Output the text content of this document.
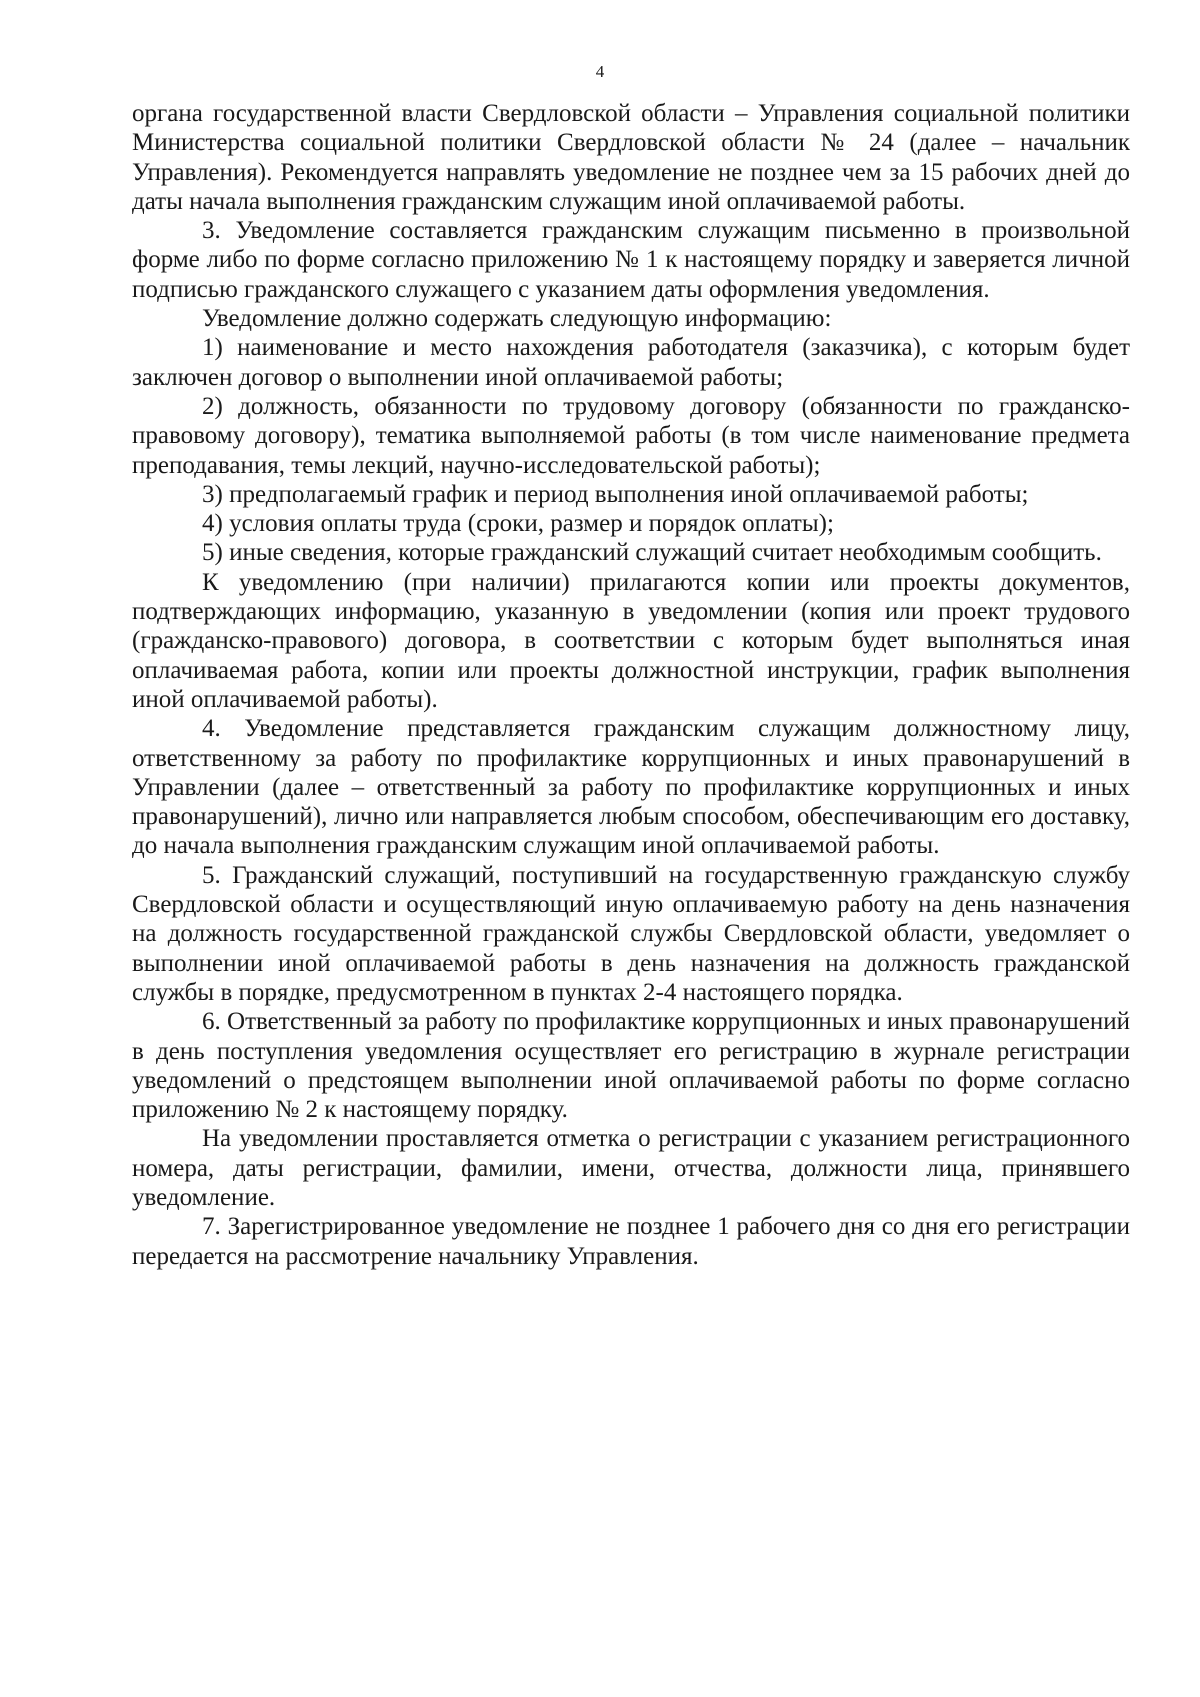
4

органа государственной власти Свердловской области – Управления социальной политики Министерства социальной политики Свердловской области № 24 (далее – начальник Управления). Рекомендуется направлять уведомление не позднее чем за 15 рабочих дней до даты начала выполнения гражданским служащим иной оплачиваемой работы.

3. Уведомление составляется гражданским служащим письменно в произвольной форме либо по форме согласно приложению № 1 к настоящему порядку и заверяется личной подписью гражданского служащего с указанием даты оформления уведомления.

Уведомление должно содержать следующую информацию:

1) наименование и место нахождения работодателя (заказчика), с которым будет заключен договор о выполнении иной оплачиваемой работы;

2) должность, обязанности по трудовому договору (обязанности по гражданско-правовому договору), тематика выполняемой работы (в том числе наименование предмета преподавания, темы лекций, научно-исследовательской работы);

3) предполагаемый график и период выполнения иной оплачиваемой работы;

4) условия оплаты труда (сроки, размер и порядок оплаты);

5) иные сведения, которые гражданский служащий считает необходимым сообщить.

К уведомлению (при наличии) прилагаются копии или проекты документов, подтверждающих информацию, указанную в уведомлении (копия или проект трудового (гражданско-правового) договора, в соответствии с которым будет выполняться иная оплачиваемая работа, копии или проекты должностной инструкции, график выполнения иной оплачиваемой работы).

4. Уведомление представляется гражданским служащим должностному лицу, ответственному за работу по профилактике коррупционных и иных правонарушений в Управлении (далее – ответственный за работу по профилактике коррупционных и иных правонарушений), лично или направляется любым способом, обеспечивающим его доставку, до начала выполнения гражданским служащим иной оплачиваемой работы.

5. Гражданский служащий, поступивший на государственную гражданскую службу Свердловской области и осуществляющий иную оплачиваемую работу на день назначения на должность государственной гражданской службы Свердловской области, уведомляет о выполнении иной оплачиваемой работы в день назначения на должность гражданской службы в порядке, предусмотренном в пунктах 2-4 настоящего порядка.

6. Ответственный за работу по профилактике коррупционных и иных правонарушений в день поступления уведомления осуществляет его регистрацию в журнале регистрации уведомлений о предстоящем выполнении иной оплачиваемой работы по форме согласно приложению № 2 к настоящему порядку.

На уведомлении проставляется отметка о регистрации с указанием регистрационного номера, даты регистрации, фамилии, имени, отчества, должности лица, принявшего уведомление.

7. Зарегистрированное уведомление не позднее 1 рабочего дня со дня его регистрации передается на рассмотрение начальнику Управления.
